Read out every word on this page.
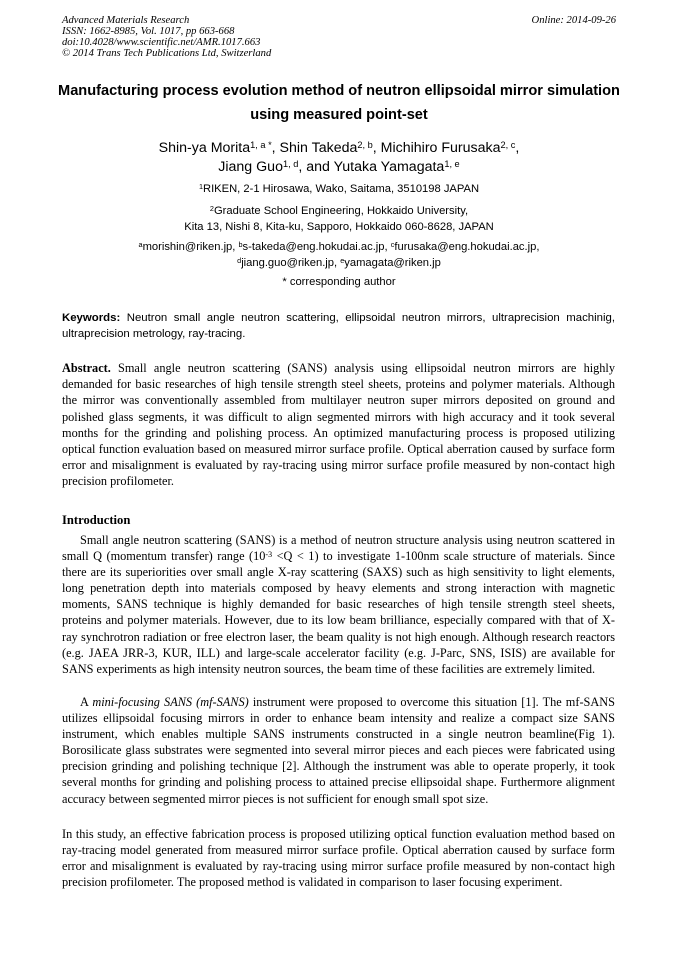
Advanced Materials Research
ISSN: 1662-8985, Vol. 1017, pp 663-668
doi:10.4028/www.scientific.net/AMR.1017.663
© 2014 Trans Tech Publications Ltd, Switzerland
Online: 2014-09-26
Manufacturing process evolution method of neutron ellipsoidal mirror simulation using measured point-set
Shin-ya Morita$^{1, a *}$, Shin Takeda$^{2, b}$, Michihiro Furusaka$^{2, c}$,
Jiang Guo$^{1, d}$, and Yutaka Yamagata$^{1, e}$
$^1$RIKEN, 2-1 Hirosawa, Wako, Saitama, 3510198 JAPAN
$^2$Graduate School Engineering, Hokkaido University,
Kita 13, Nishi 8, Kita-ku, Sapporo, Hokkaido 060-8628, JAPAN
$^a$morishin@riken.jp, $^b$s-takeda@eng.hokudai.ac.jp, $^c$furusaka@eng.hokudai.ac.jp,
$^d$jiang.guo@riken.jp, $^e$yamagata@riken.jp
* corresponding author
Keywords: Neutron small angle neutron scattering, ellipsoidal neutron mirrors, ultraprecision machinig, ultraprecision metrology, ray-tracing.
Abstract. Small angle neutron scattering (SANS) analysis using ellipsoidal neutron mirrors are highly demanded for basic researches of high tensile strength steel sheets, proteins and polymer materials. Although the mirror was conventionally assembled from multilayer neutron super mirrors deposited on ground and polished glass segments, it was difficult to align segmented mirrors with high accuracy and it took several months for the grinding and polishing process. An optimized manufacturing process is proposed utilizing optical function evaluation based on measured mirror surface profile. Optical aberration caused by surface form error and misalignment is evaluated by ray-tracing using mirror surface profile measured by non-contact high precision profilometer.
Introduction
Small angle neutron scattering (SANS) is a method of neutron structure analysis using neutron scattered in small Q (momentum transfer) range $(10^{-3} <Q < 1)$ to investigate 1-100nm scale structure of materials. Since there are its superiorities over small angle X-ray scattering (SAXS) such as high sensitivity to light elements, long penetration depth into materials composed by heavy elements and strong interaction with magnetic moments, SANS technique is highly demanded for basic researches of high tensile strength steel sheets, proteins and polymer materials. However, due to its low beam brilliance, especially compared with that of X-ray synchrotron radiation or free electron laser, the beam quality is not high enough. Although research reactors (e.g. JAEA JRR-3, KUR, ILL) and large-scale accelerator facility (e.g. J-Parc, SNS, ISIS) are available for SANS experiments as high intensity neutron sources, the beam time of these facilities are extremely limited.
A mini-focusing SANS (mf-SANS) instrument were proposed to overcome this situation [1]. The mf-SANS utilizes ellipsoidal focusing mirrors in order to enhance beam intensity and realize a compact size SANS instrument, which enables multiple SANS instruments constructed in a single neutron beamline(Fig 1). Borosilicate glass substrates were segmented into several mirror pieces and each pieces were fabricated using precision grinding and polishing technique [2]. Although the instrument was able to operate properly, it took several months for grinding and polishing process to attained precise ellipsoidal shape. Furthermore alignment accuracy between segmented mirror pieces is not sufficient for enough small spot size.
In this study, an effective fabrication process is proposed utilizing optical function evaluation method based on ray-tracing model generated from measured mirror surface profile. Optical aberration caused by surface form error and misalignment is evaluated by ray-tracing using mirror surface profile measured by non-contact high precision profilometer. The proposed method is validated in comparison to laser focusing experiment.
